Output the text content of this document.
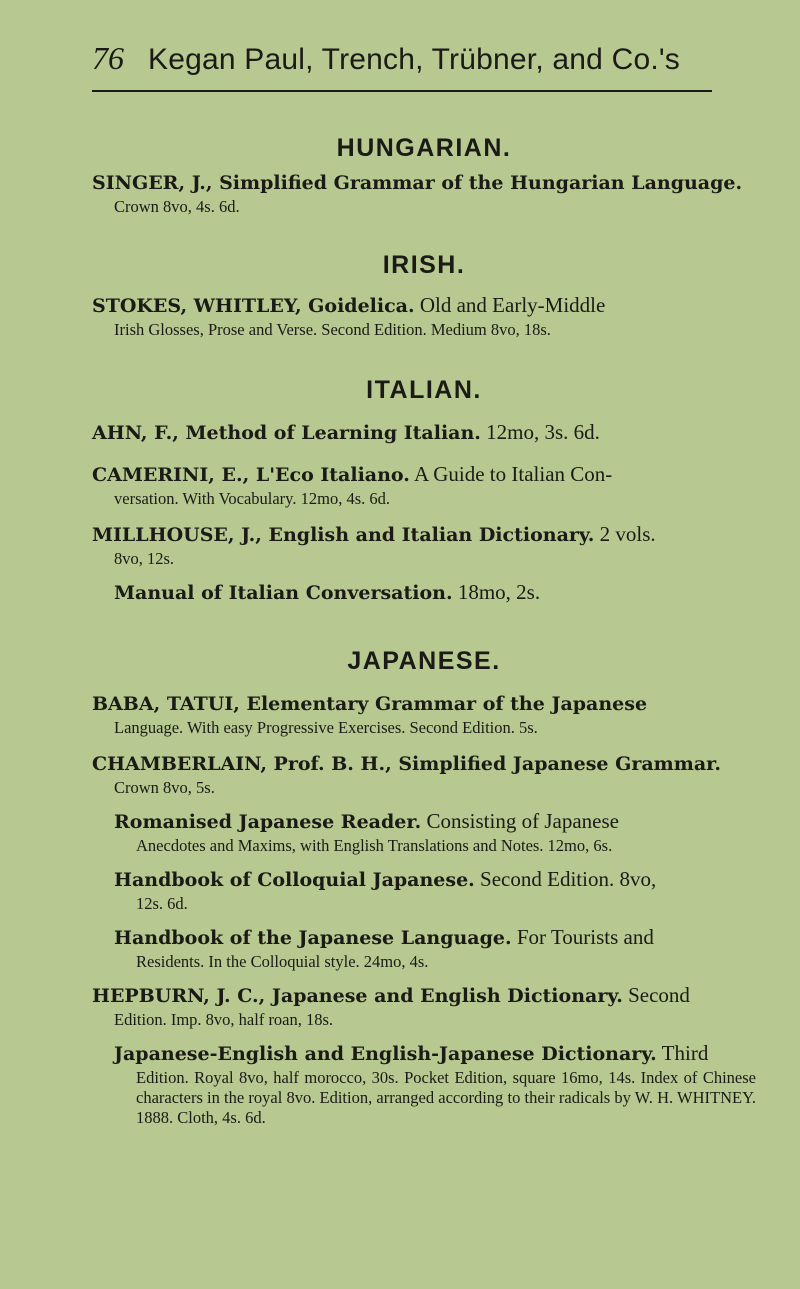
76 Kegan Paul, Trench, Trübner, and Co.'s
HUNGARIAN.

SINGER, J., Simplified Grammar of the Hungarian Language.

Crown 8vo, 4s. 6d.

IRISH.

STOKES, WHITLEY, Goidelica. Old and Early-Middle

Irish Glosses, Prose and Verse. Second Edition. Medium 8vo, 18s.

ITALIAN.

AHN, F., Method of Learning Italian. 12mo, 3s. 6d.

CAMERINI, E., L'Eco Italiano. A Guide to Italian Con-

versation. With Vocabulary. 12mo, 4s. 6d.

MILLHOUSE, J., English and Italian Dictionary. 2 vols.

8vo, 12s.

Manual of Italian Conversation. 18mo, 2s.

JAPANESE.

BABA, TATUI, Elementary Grammar of the Japanese

Language. With easy Progressive Exercises. Second Edition. 5s.

CHAMBERLAIN, Prof. B. H., Simplified Japanese Grammar.

Crown 8vo, 5s.

Romanised Japanese Reader. Consisting of Japanese

Anecdotes and Maxims, with English Translations and Notes. 12mo, 6s.

Handbook of Colloquial Japanese. Second Edition. 8vo,

12s. 6d.

Handbook of the Japanese Language. For Tourists and

Residents. In the Colloquial style. 24mo, 4s.

HEPBURN, J. C., Japanese and English Dictionary. Second

Edition. Imp. 8vo, half roan, 18s.

Japanese-English and English-Japanese Dictionary. Third

Edition. Royal 8vo, half morocco, 30s. Pocket Edition, square 16mo, 14s. Index of Chinese characters in the royal 8vo. Edition, arranged according to their radicals by W. H. WHITNEY. 1888. Cloth, 4s. 6d.
